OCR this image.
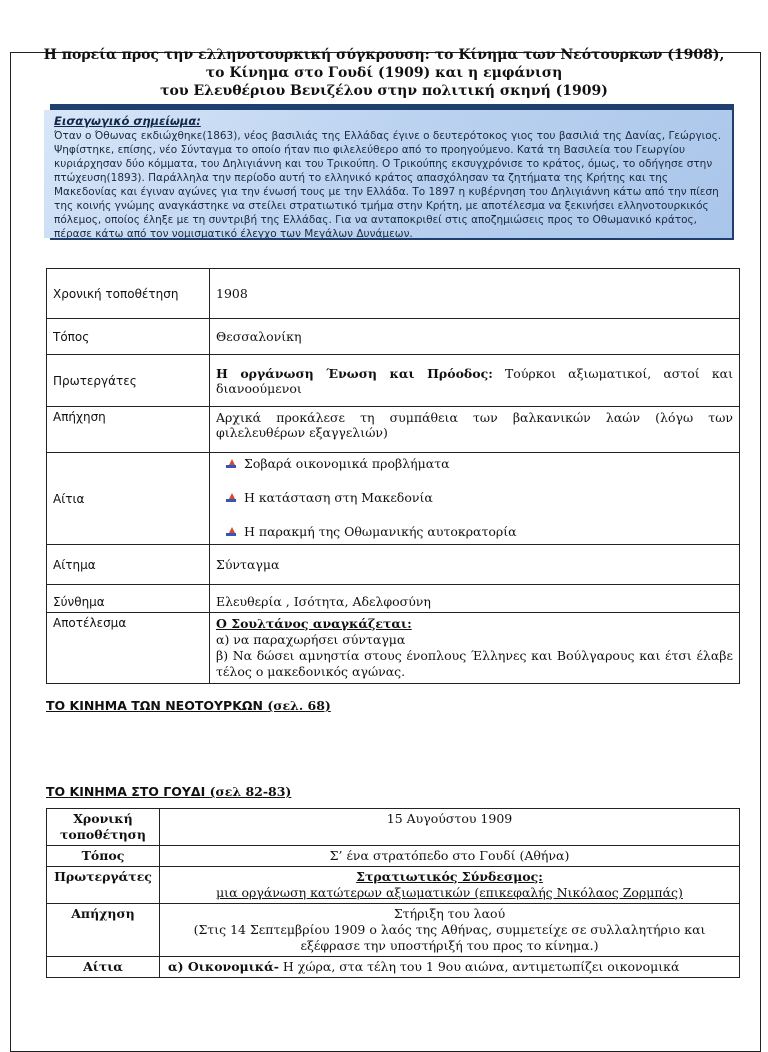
Η πορεία προς την ελληνοτουρκική σύγκρουση: το Κίνημα των Νεότουρκων (1908),
το Κίνημα στο Γουδί (1909) και η εμφάνιση
του Ελευθέριου Βενιζέλου στην πολιτική σκηνή (1909)
Εισαγωγικό σημείωμα:
Όταν ο Όθωνας εκδιώχθηκε(1863), νέος βασιλιάς της Ελλάδας έγινε ο δευτερότοκος γιος του βασιλιά της Δανίας, Γεώργιος. Ψηφίστηκε, επίσης, νέο Σύνταγμα το οποίο ήταν πιο φιλελεύθερο από το προηγούμενο. Κατά τη Βασιλεία του Γεωργίου κυριάρχησαν δύο κόμματα, του Δηλιγιάννη και του Τρικούπη. Ο Τρικούπης εκσυγχρόνισε το κράτος, όμως, το οδήγησε στην πτώχευση(1893). Παράλληλα την περίοδο αυτή το ελληνικό κράτος απασχόλησαν τα ζητήματα της Κρήτης και της Μακεδονίας και έγιναν αγώνες για την ένωσή τους με την Ελλάδα. Το 1897 η κυβέρνηση του Δηλιγιάννη κάτω από την πίεση της κοινής γνώμης αναγκάστηκε να στείλει στρατιωτικό τμήμα στην Κρήτη, με αποτέλεσμα να ξεκινήσει ελληνοτουρκικός πόλεμος, οποίος έληξε με τη συντριβή της Ελλάδας. Για να ανταποκριθεί στις αποζημιώσεις προς το Οθωμανικό κράτος, πέρασε κάτω από τον νομισματικό έλεγχο των Μεγάλων Δυνάμεων.
Χρονική τοποθέτηση	1908
Τόπος	Θεσσαλονίκη
Πρωτεργάτες	Η οργάνωση Ένωση και Πρόοδος: Τούρκοι αξιωματικοί, αστοί και διανοούμενοι
Απήχηση	Αρχικά προκάλεσε τη συμπάθεια των βαλκανικών λαών (λόγω των φιλελευθέρων εξαγγελιών)
Αίτια	Σοβαρά οικονομικά προβλήματα
Η κατάσταση στη Μακεδονία
Η παρακμή της Οθωμανικής αυτοκρατορία

Αίτημα	Σύνταγμα
Σύνθημα	Ελευθερία , Ισότητα, Αδελφοσύνη
Αποτέλεσμα	Ο Σουλτάνος αναγκάζεται:
α) να παραχωρήσει σύνταγμα
β) Να δώσει αμνηστία στους ένοπλους Έλληνες και Βούλγαρους και έτσι έλαβε τέλος ο μακεδονικός αγώνας.
ΤΟ ΚΙΝΗΜΑ ΤΩΝ ΝΕΟΤΟΥΡΚΩΝ (σελ. 68)
ΤΟ ΚΙΝΗΜΑ ΣΤΟ ΓΟΥΔΙ (σελ 82-83)
Χρονική τοποθέτηση	15 Αυγούστου 1909
Τόπος	Σ’ ένα στρατόπεδο στο Γουδί (Αθήνα)
Πρωτεργάτες	Στρατιωτικός Σύνδεσμος:
μια οργάνωση κατώτερων αξιωματικών (επικεφαλής Νικόλαος Ζορμπάς)

Απήχηση	Στήριξη του λαού
(Στις 14 Σεπτεμβρίου 1909 ο λαός της Αθήνας, συμμετείχε σε συλλαλητήριο και εξέφρασε την υποστήριξή του προς το κίνημα.)

Αίτια	α) Οικονομικά- Η χώρα, στα τέλη του 1 9ου αιώνα, αντιμετωπίζει οικονομικά
